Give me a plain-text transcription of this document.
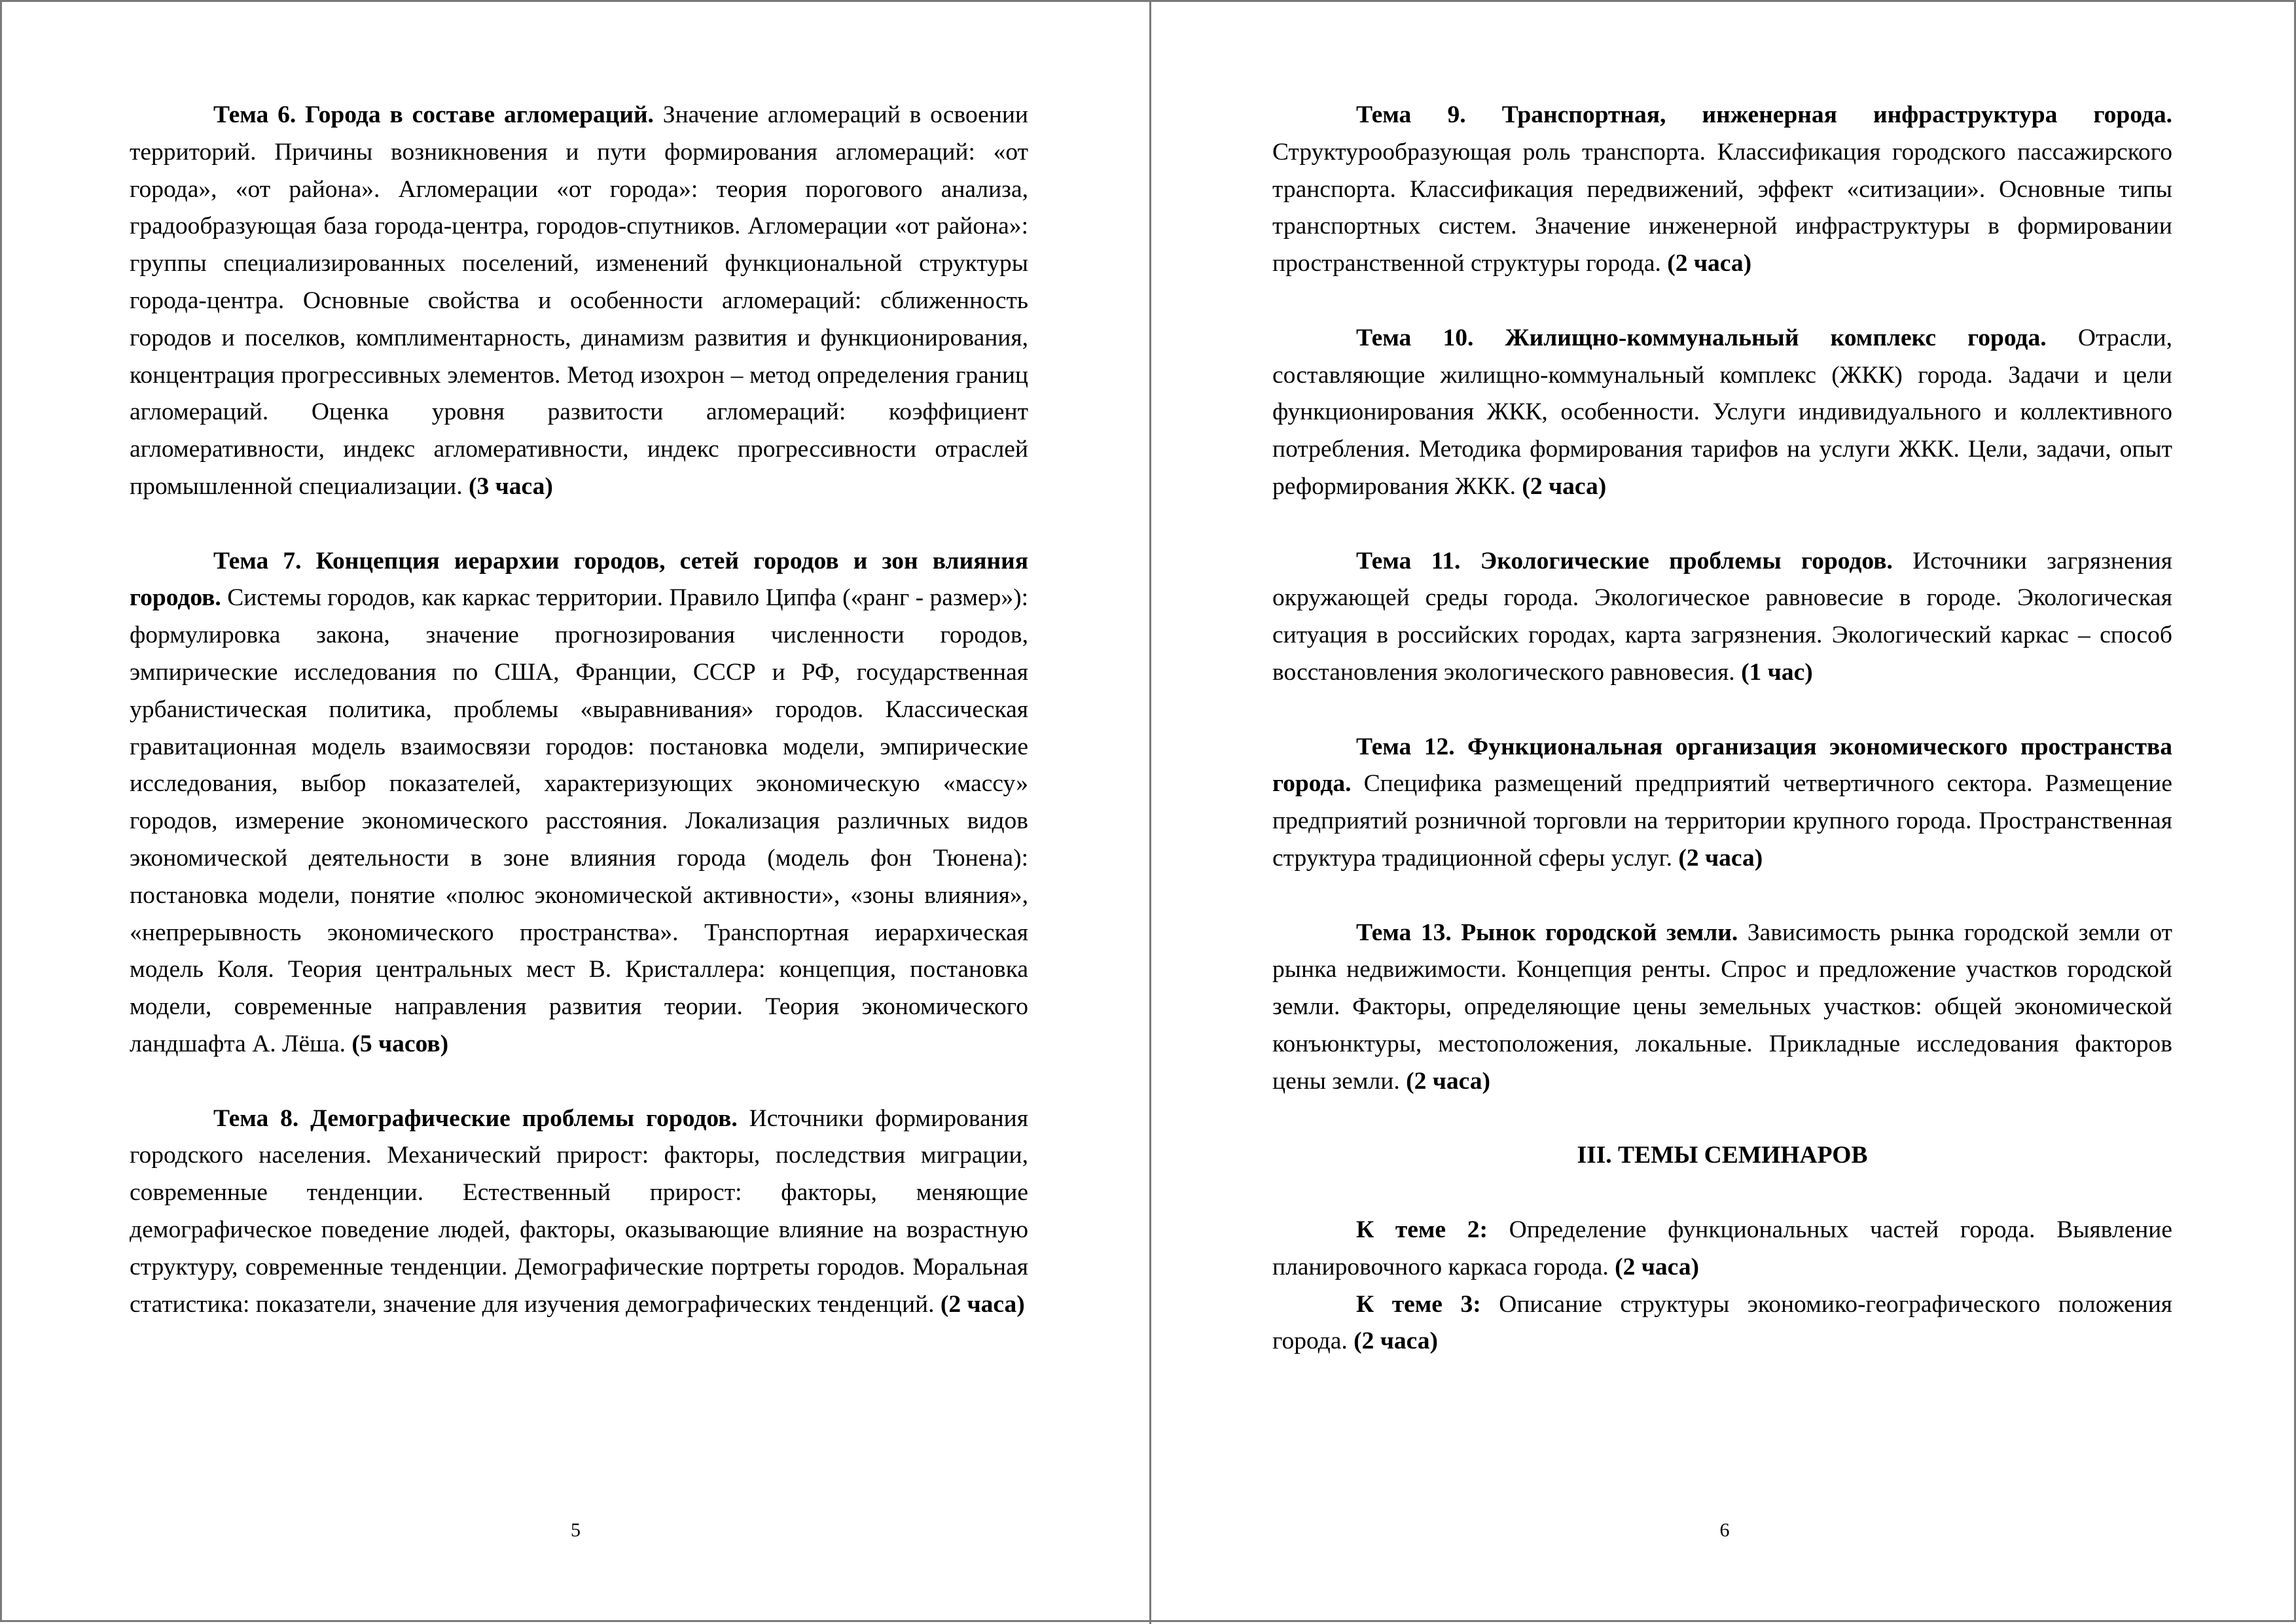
Тема 6. Города в составе агломераций. Значение агломераций в освоении территорий. Причины возникновения и пути формирования агломераций: «от города», «от района». Агломерации «от города»: теория порогового анализа, градообразующая база города-центра, городов-спутников. Агломерации «от района»: группы специализированных поселений, изменений функциональной структуры города-центра. Основные свойства и особенности агломераций: сближенность городов и поселков, комплиментарность, динамизм развития и функционирования, концентрация прогрессивных элементов. Метод изохрон – метод определения границ агломераций. Оценка уровня развитости агломераций: коэффициент агломеративности, индекс агломеративности, индекс прогрессивности отраслей промышленной специализации. (3 часа)

Тема 7. Концепция иерархии городов, сетей городов и зон влияния городов. Системы городов, как каркас территории. Правило Ципфа («ранг - размер»): формулировка закона, значение прогнозирования численности городов, эмпирические исследования по США, Франции, СССР и РФ, государственная урбанистическая политика, проблемы «выравнивания» городов. Классическая гравитационная модель взаимосвязи городов: постановка модели, эмпирические исследования, выбор показателей, характеризующих экономическую «массу» городов, измерение экономического расстояния. Локализация различных видов экономической деятельности в зоне влияния города (модель фон Тюнена): постановка модели, понятие «полюс экономической активности», «зоны влияния», «непрерывность экономического пространства». Транспортная иерархическая модель Коля. Теория центральных мест В. Кристаллера: концепция, постановка модели, современные направления развития теории. Теория экономического ландшафта А. Лёша. (5 часов)

Тема 8. Демографические проблемы городов. Источники формирования городского населения. Механический прирост: факторы, последствия миграции, современные тенденции. Естественный прирост: факторы, меняющие демографическое поведение людей, факторы, оказывающие влияние на возрастную структуру, современные тенденции. Демографические портреты городов. Моральная статистика: показатели, значение для изучения демографических тенденций. (2 часа)

5

Тема 9. Транспортная, инженерная инфраструктура города. Структурообразующая роль транспорта. Классификация городского пассажирского транспорта. Классификация передвижений, эффект «ситизации». Основные типы транспортных систем. Значение инженерной инфраструктуры в формировании пространственной структуры города. (2 часа)

Тема 10. Жилищно-коммунальный комплекс города. Отрасли, составляющие жилищно-коммунальный комплекс (ЖКК) города. Задачи и цели функционирования ЖКК, особенности. Услуги индивидуального и коллективного потребления. Методика формирования тарифов на услуги ЖКК. Цели, задачи, опыт реформирования ЖКК. (2 часа)

Тема 11. Экологические проблемы городов. Источники загрязнения окружающей среды города. Экологическое равновесие в городе. Экологическая ситуация в российских городах, карта загрязнения. Экологический каркас – способ восстановления экологического равновесия. (1 час)

Тема 12. Функциональная организация экономического пространства города. Специфика размещений предприятий четвертичного сектора. Размещение предприятий розничной торговли на территории крупного города. Пространственная структура традиционной сферы услуг. (2 часа)

Тема 13. Рынок городской земли. Зависимость рынка городской земли от рынка недвижимости. Концепция ренты. Спрос и предложение участков городской земли. Факторы, определяющие цены земельных участков: общей экономической конъюнктуры, местоположения, локальные. Прикладные исследования факторов цены земли. (2 часа)

III. ТЕМЫ СЕМИНАРОВ

К теме 2: Определение функциональных частей города. Выявление планировочного каркаса города. (2 часа)

К теме 3: Описание структуры экономико-географического положения города. (2 часа)

6
